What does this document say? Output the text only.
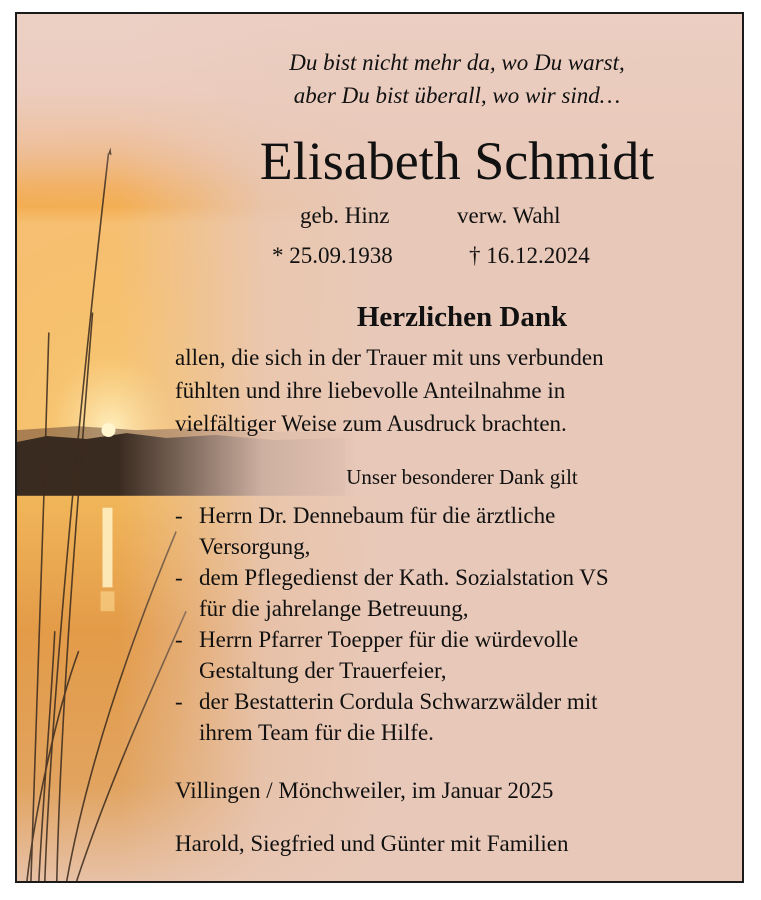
Du bist nicht mehr da, wo Du warst,
aber Du bist überall, wo wir sind…
Elisabeth Schmidt
geb. Hinz	verw. Wahl
* 25.09.1938	† 16.12.2024
Herzlichen Dank
allen, die sich in der Trauer mit uns verbunden
fühlten und ihre liebevolle Anteilnahme in
vielfältiger Weise zum Ausdruck brachten.
Unser besonderer Dank gilt
- Herrn Dr. Dennebaum für die ärztliche
Versorgung,
- dem Pflegedienst der Kath. Sozialstation VS
für die jahrelange Betreuung,
- Herrn Pfarrer Toepper für die würdevolle
Gestaltung der Trauerfeier,
- der Bestatterin Cordula Schwarzwälder mit
ihrem Team für die Hilfe.
Villingen / Mönchweiler, im Januar 2025
Harold, Siegfried und Günter mit Familien
